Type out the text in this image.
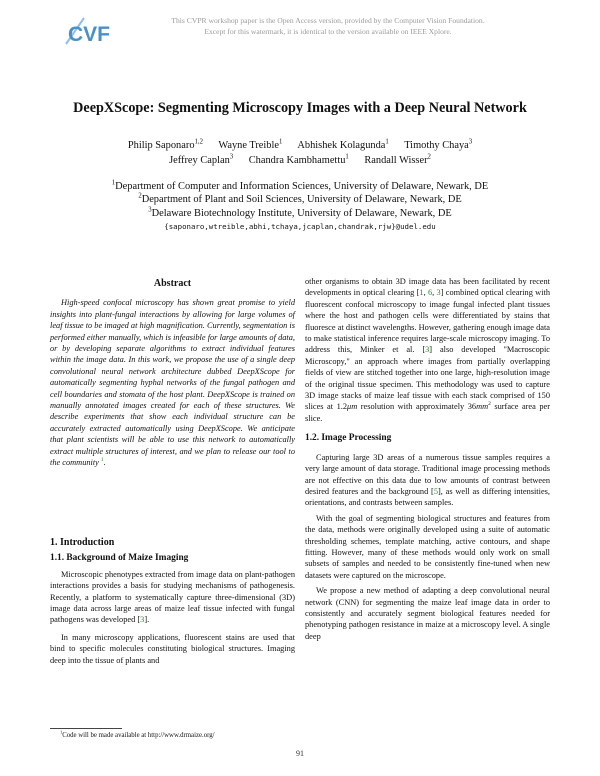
CVF
This CVPR workshop paper is the Open Access version, provided by the Computer Vision Foundation.
Except for this watermark, it is identical to the version available on IEEE Xplore.
DeepXScope: Segmenting Microscopy Images with a Deep Neural Network
Philip Saponaro$^{1,2}$ Wayne Treible$^1$ Abhishek Kolagunda$^1$ Timothy Chaya$^3$
Jeffrey Caplan$^3$ Chandra Kambhamettu$^1$ Randall Wisser$^2$
$^1$Department of Computer and Information Sciences, University of Delaware, Newark, DE
$^2$Department of Plant and Soil Sciences, University of Delaware, Newark, DE
$^3$Delaware Biotechnology Institute, University of Delaware, Newark, DE
{saponaro,wtreible,abhi,tchaya,jcaplan,chandrak,rjw}@udel.edu
Abstract

High-speed confocal microscopy has shown great promise to yield insights into plant-fungal interactions by allowing for large volumes of leaf tissue to be imaged at high magnification. Currently, segmentation is performed either manually, which is infeasible for large amounts of data, or by developing separate algorithms to extract individual features within the image data. In this work, we propose the use of a single deep convolutional neural network architecture dubbed DeepXScope for automatically segmenting hyphal networks of the fungal pathogen and cell boundaries and stomata of the host plant. DeepXScope is trained on manually annotated images created for each of these structures. We describe experiments that show each individual structure can be accurately extracted automatically using DeepXScope. We anticipate that plant scientists will be able to use this network to automatically extract multiple structures of interest, and we plan to release our tool to the community $^1$.

1. Introduction
1.1. Background of Maize Imaging

Microscopic phenotypes extracted from image data on plant-pathogen interactions provides a basis for studying mechanisms of pathogenesis. Recently, a platform to systematically capture three-dimensional (3D) image data across large areas of maize leaf tissue infected with fungal pathogens was developed [3].

In many microscopy applications, fluorescent stains are used that bind to specific molecules constituting biological structures. Imaging deep into the tissue of plants and

$^1$Code will be made available at http://www.drmaize.org/

other organisms to obtain 3D image data has been facilitated by recent developments in optical clearing [1, 6, 3] combined optical clearing with fluorescent confocal microscopy to image fungal infected plant tissues where the host and pathogen cells were differentiated by stains that fluoresce at distinct wavelengths. However, gathering enough image data to make statistical inference requires large-scale microscopy imaging. To address this, Minker et al. [3] also developed "Macroscopic Microscopy," an approach where images from partially overlapping fields of view are stitched together into one large, high-resolution image of the original tissue specimen. This methodology was used to capture 3D image stacks of maize leaf tissue with each stack comprised of 150 slices at 1.2μm resolution with approximately $36mm^2$ surface area per slice.

1.2. Image Processing

Capturing large 3D areas of a numerous tissue samples requires a very large amount of data storage. Traditional image processing methods are not effective on this data due to low amounts of contrast between desired features and the background [5], as well as differing intensities, orientations, and contrasts between samples.

With the goal of segmenting biological structures and features from the data, methods were originally developed using a suite of automatic thresholding schemes, template matching, active contours, and shape fitting. However, many of these methods would only work on small subsets of samples and needed to be consistently fine-tuned when new datasets were captured on the microscope.

We propose a new method of adapting a deep convolutional neural network (CNN) for segmenting the maize leaf image data in order to consistently and accurately segment biological features needed for phenotyping pathogen resistance in maize at a microscopy level. A single deep

91
